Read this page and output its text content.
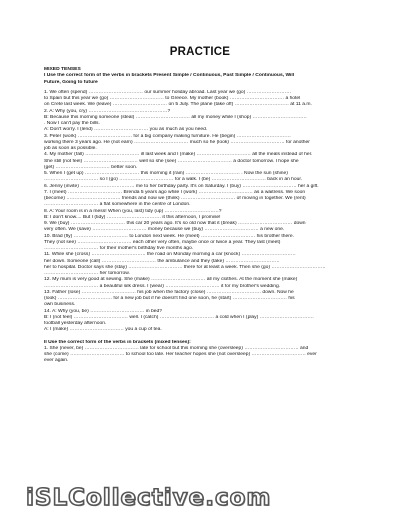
PRACTICE
MIXED TENSES
I Use the correct form of the verbs in brackets Present Simple / Continuous, Past Simple / Continuous, Will
Future, Going to future
1. We often (spend) …………………………… our summer holiday abroad. Last year we (go) ………………………
to Spain but this year we (go) …………………………… to Greece. My mother (book) …………………………… a hotel
on Crete last week. We (leave) …………………………… on 5 July. The plane (take off) …………………………… at 11 a.m.
2. A: Why (you, cry) …………………………………………?
B: Because this morning someone (steal) …………………………… all my money while I (shop) ……………………………
. Now I can't pay the bills.
A: Don't worry. I (lend) …………………………… you as much as you need.
3. Peter (work) …………………………… for a big company making furniture. He (begin) ……………………………
working there 3 years ago. He (not earn) …………………………… much so he (look) …………………………… for another
job as soon as possible.
4. My mother (fall) …………………………… ill last week and I (make) …………………………… all the meals instead of her.
She still (not feel) …………………………… well so she (see) …………………………… a doctor tomorrow. I hope she
(get) …………………………… better soon.
5. When I (get up) …………………………… this morning it (rain) …………………………… . Now the sun (shine)
…………………………… so I (go) …………………………… for a walk. I (be) …………………………… back in an hour.
6. Jenny (invite) …………………………… me to her birthday party. It's on Saturday. I (buy) …………………………… her a gift.
7. I (meet) …………………………… Brenda 5 years ago while I (work) …………………………… as a waitress. We soon
(become) …………………………… friends and now we (think) …………………………… of moving in together. We (rent)
…………………………… a flat somewhere in the centre of London.
8. A: Your room is in a mess! When (you, last) tidy (up) ……………………………?
B: I don't know.... But I (tidy) …………………………… it this afternoon, I promise!
9. We (buy) …………………………… this car 20 years ago. It's so old now that it (break) …………………………… down
very often. We (save) …………………………… money because we (buy) …………………………… a new one.
10. Brad (fly) …………………………… to London next week. He (meet) …………………………… his brother there.
They (not see) …………………………… each other very often, maybe once or twice a year. They last (meet)
…………………………… for their mother's birthday five months ago.
11. While she (cross) …………………………… the road on Monday morning a car (knock) ……………………………
her down. Someone (call) …………………………… the ambulance and they (take) ……………………………
her to hospital. Doctor says she (stay) …………………………… there for at least a week. Then she (go) ……………………………
…………………………… her tomorrow.
12. My mum is very good at sewing. She (make) …………………………… all my clothes. At the moment she (make)
…………………………… a beautiful silk dress. I (wear) …………………………… it for my brother's wedding.
13. Father (lose) …………………………… his job when the factory (close) …………………………… down. Now he
(look) …………………………… for a new job but if he doesn't find one soon, he (start) …………………………… his
own business.
14. A: Why (you, be) …………………………… in bed?
B: I (not feel) …………………………… well. I (catch) …………………………… a cold when I (play) ……………………………
football yesterday afternoon.
A: I (make) …………………………… you a cup of tea.
II Use the correct form of the verbs in brackets (mixed tenses):
1. She (never, be) …………………………… late for school but this morning she (oversleep) …………………………… and
she (come) …………………………… to school too late. Her teacher hopes she (not oversleep) …………………………… ever
ever again.
iSLCollective.com
